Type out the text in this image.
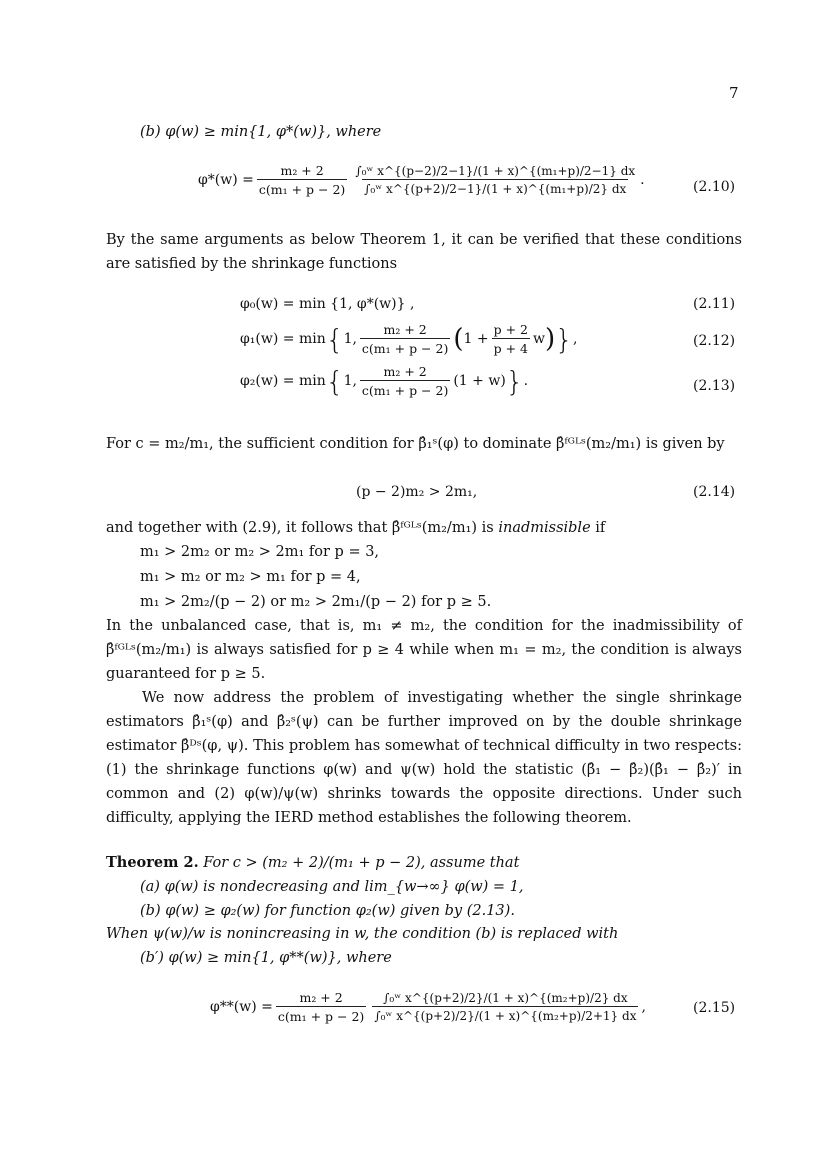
7
(b) φ(w) ≥ min{1, φ*(w)}, where
$\varphi*(w) = \frac{\text{m₂ + 2}}{\text{c(m₁ + p − 2)}} \frac{\text{∫₀ʷ x\textasciicircum{}\{(p−2)/2−1\}/(1 + x)\textasciicircum{}\{(m₁+p)/2−1\} dx}}{\text{∫₀ʷ x\textasciicircum{}\{(p+2)/2−1\}/(1 + x)\textasciicircum{}\{(m₁+p)/2\} dx}}$ .	(2.10)
By the same arguments as below Theorem 1, it can be verified that these conditions are satisfied by the shrinkage functions
φ₀(w) = min {1, φ*(w)} ,	(2.11)
φ₁(w) = min { 1, $\frac{\text{m₂ + 2}}{\text{c(m₁ + p − 2)}}$ ( $1 + \frac{p + 2}{p + 4}$ w ) } ,	(2.12)
φ₂(w) = min { 1, $\frac{\text{m₂ + 2}}{\text{c(m₁ + p − 2)}} (1 + w)$ } .	(2.13)
For c = m₂/m₁, the sufficient condition for β̂₁ˢ(φ) to dominate β̂ᶠᴳᴸˢ(m₂/m₁) is given by
(p − 2)m₂ > 2m₁,	(2.14)
and together with (2.9), it follows that β̂ᶠᴳᴸˢ(m₂/m₁) is inadmissible if
m₁ > 2m₂ or m₂ > 2m₁ for p = 3,
m₁ > m₂ or m₂ > m₁ for p = 4,
m₁ > 2m₂/(p − 2) or m₂ > 2m₁/(p − 2) for p ≥ 5.
In the unbalanced case, that is, m₁ ≠ m₂, the condition for the inadmissibility of β̂ᶠᴳᴸˢ(m₂/m₁) is always satisfied for p ≥ 4 while when m₁ = m₂, the condition is always guaranteed for p ≥ 5.
We now address the problem of investigating whether the single shrinkage estimators β̂₁ˢ(φ) and β̂₂ˢ(ψ) can be further improved on by the double shrinkage estimator β̂ᴰˢ(φ, ψ). This problem has somewhat of technical difficulty in two respects: (1) the shrinkage functions φ(w) and ψ(w) hold the statistic (β̂₁ − β̂₂)(β̂₁ − β̂₂)′ in common and (2) φ(w)/ψ(w) shrinks towards the opposite directions. Under such difficulty, applying the IERD method establishes the following theorem.
Theorem 2. For c > (m₂ + 2)/(m₁ + p − 2), assume that
(a) φ(w) is nondecreasing and lim_{w→∞} φ(w) = 1,
(b) φ(w) ≥ φ₂(w) for function φ₂(w) given by (2.13).
When ψ(w)/w is nonincreasing in w, the condition (b) is replaced with
(b′) φ(w) ≥ min{1, φ**(w)}, where
$\varphi**(w) = \frac{\text{m₂ + 2}}{\text{c(m₁ + p − 2)}} \frac{\text{∫₀ʷ x\textasciicircum{}\{(p+2)/2\}/(1 + x)\textasciicircum{}\{(m₂+p)/2\} dx}}{\text{∫₀ʷ x\textasciicircum{}\{(p+2)/2\}/(1 + x)\textasciicircum{}\{(m₂+p)/2+1\} dx}}$ ,	(2.15)
